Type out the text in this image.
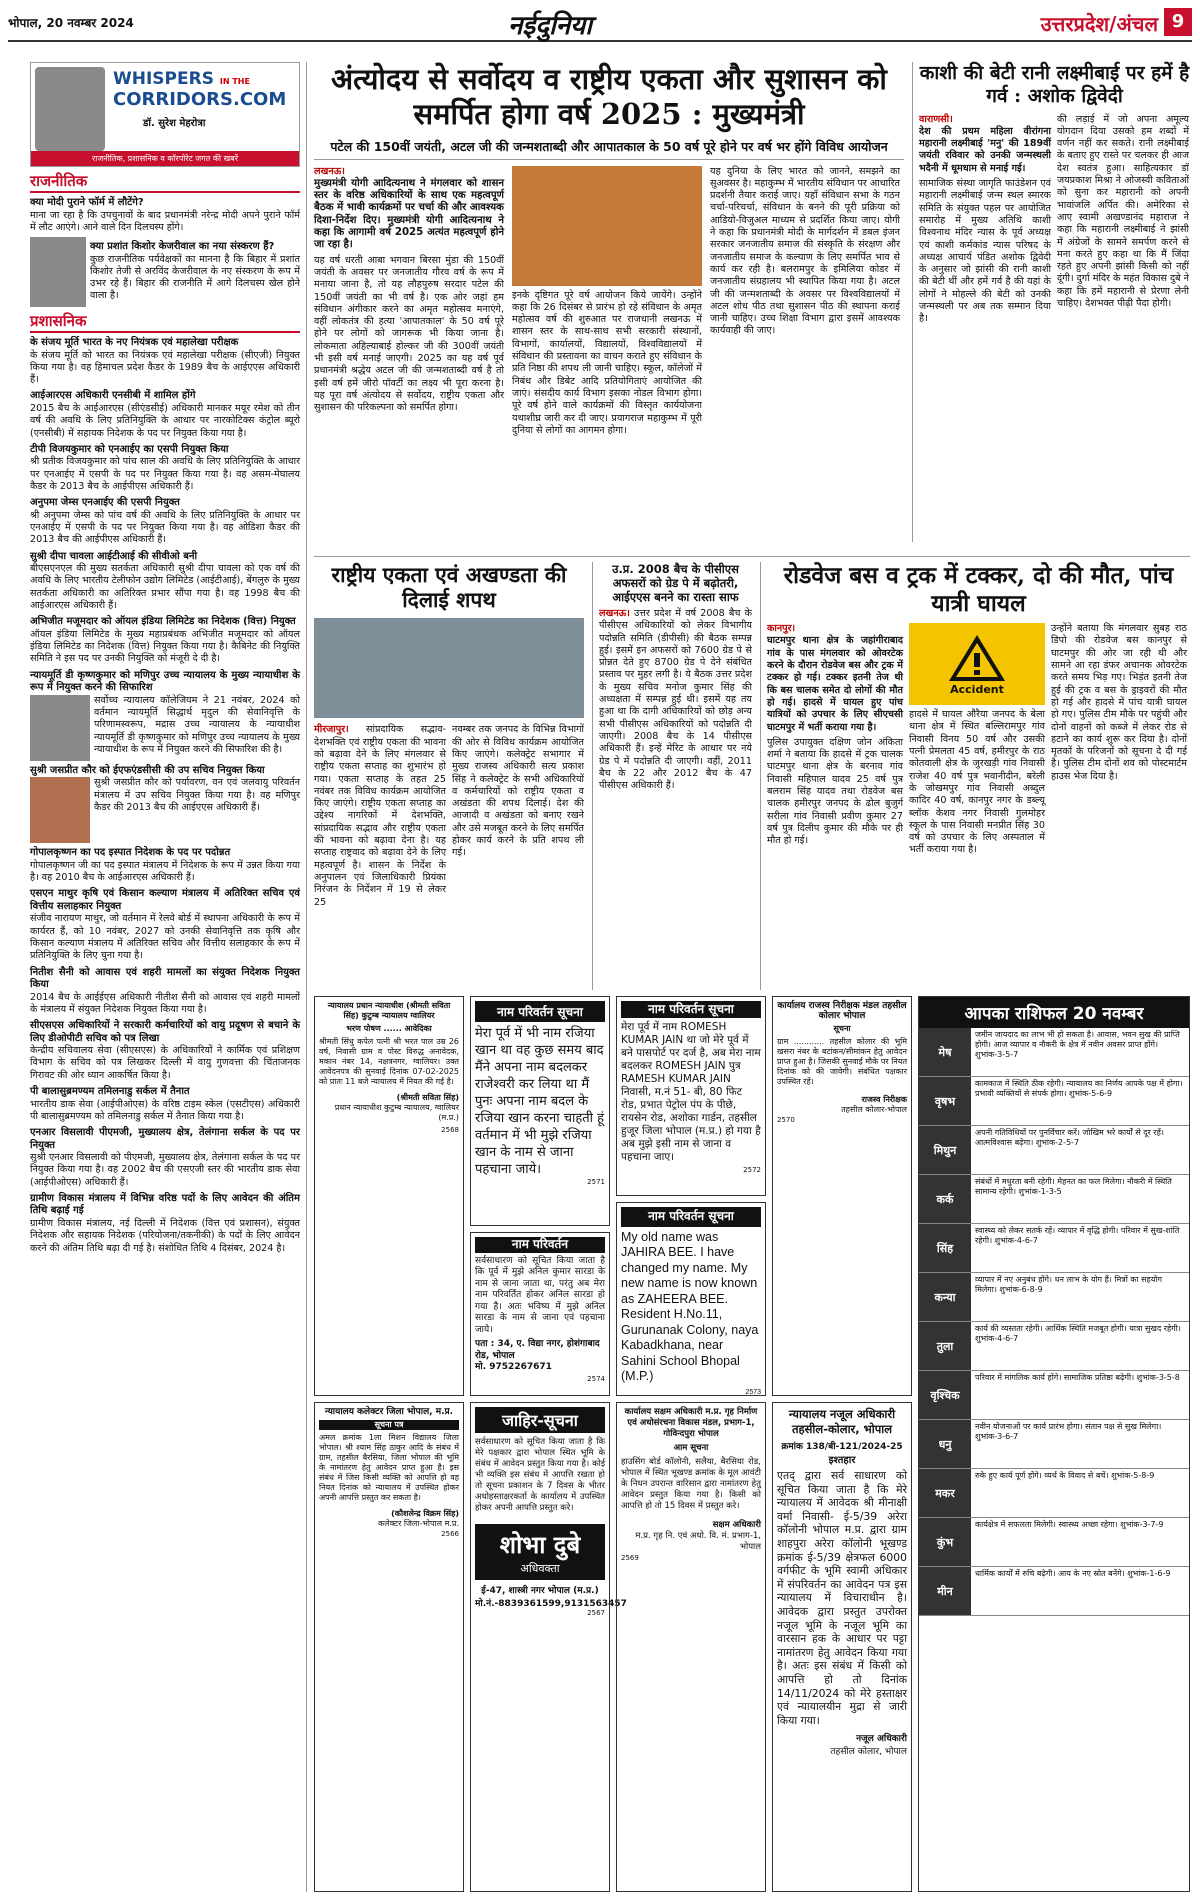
भोपाल, 20 नवम्बर 2024	नईदुनिया	उत्तरप्रदेश/अंचल 9
WHISPERS IN THE
CORRIDORS.COM
डॉ. सुरेश मेहरोत्रा
राजनीतिक, प्रशासनिक व कॉरपोरेट जगत की खबरें
राजनीतिक
क्या मोदी पुराने फॉर्म में लौटेंगे?

माना जा रहा है कि उपचुनावों के बाद प्रधानमंत्री नरेन्द्र मोदी अपने पुराने फॉर्म में लौट आएंगे। आने वाले दिन दिलचस्प होंगे।

क्या प्रशांत किशोर केजरीवाल का नया संस्करण हैं?

कुछ राजनीतिक पर्यवेक्षकों का मानना है कि बिहार में प्रशांत किशोर तेजी से अरविंद केजरीवाल के नए संस्करण के रूप में उभर रहे हैं। बिहार की राजनीति में आगे दिलचस्प खेल होने वाला है।

प्रशासनिक
के संजय मूर्ति भारत के नए नियंत्रक एवं महालेखा परीक्षक

के संजय मूर्ति को भारत का नियंत्रक एवं महालेखा परीक्षक (सीएजी) नियुक्त किया गया है। वह हिमाचल प्रदेश कैडर के 1989 बैच के आईएएस अधिकारी हैं।

आईआरएस अधिकारी एनसीबी में शामिल होंगे

2015 बैच के आईआरएस (सीएंडसीई) अधिकारी मानकर मयूर रमेश को तीन वर्ष की अवधि के लिए प्रतिनियुक्ति के आधार पर नारकोटिक्स कंट्रोल ब्यूरो (एनसीबी) में सहायक निदेशक के पद पर नियुक्त किया गया है।

टीपी विजयकुमार को एनआईए का एसपी नियुक्त किया

श्री प्रतीक विजयकुमार को पांच साल की अवधि के लिए प्रतिनियुक्ति के आधार पर एनआईए में एसपी के पद पर नियुक्त किया गया है। वह असम-मेघालय कैडर के 2013 बैच के आईपीएस अधिकारी हैं।

अनुपमा जेम्स एनआईए की एसपी नियुक्त

श्री अनुपमा जेम्स को पांच वर्ष की अवधि के लिए प्रतिनियुक्ति के आधार पर एनआईए में एसपी के पद पर नियुक्त किया गया है। वह ओडिशा कैडर की 2013 बैच की आईपीएस अधिकारी हैं।

सुश्री दीपा चावला आईटीआई की सीवीओ बनी

बीएसएनएल की मुख्य सतर्कता अधिकारी सुश्री दीपा चावला को एक वर्ष की अवधि के लिए भारतीय टेलीफोन उद्योग लिमिटेड (आईटीआई), बेंगलुरु के मुख्य सतर्कता अधिकारी का अतिरिक्त प्रभार सौंपा गया है। वह 1998 बैच की आईआरएस अधिकारी हैं।

अभिजीत मजूमदार को ऑयल इंडिया लिमिटेड का निदेशक (वित्त) नियुक्त

ऑयल इंडिया लिमिटेड के मुख्य महाप्रबंधक अभिजीत मजूमदार को ऑयल इंडिया लिमिटेड का निदेशक (वित्त) नियुक्त किया गया है। कैबिनेट की नियुक्ति समिति ने इस पद पर उनकी नियुक्ति को मंजूरी दे दी है।

न्यायमूर्ति डी कृष्णकुमार को मणिपुर उच्च न्यायालय के मुख्य न्यायाधीश के रूप में नियुक्त करने की सिफारिश

सर्वोच्च न्यायालय कॉलेजियम ने 21 नवंबर, 2024 को वर्तमान न्यायमूर्ति सिद्धार्थ मृदुल की सेवानिवृत्ति के परिणामस्वरूप, मद्रास उच्च न्यायालय के न्यायाधीश न्यायमूर्ति डी कृष्णकुमार को मणिपुर उच्च न्यायालय के मुख्य न्यायाधीश के रूप में नियुक्त करने की सिफारिश की है।

सुश्री जसप्रीत कौर को ईएफएंडसीसी की उप सचिव नियुक्त किया

सुश्री जसप्रीत कौर को पर्यावरण, वन एवं जलवायु परिवर्तन मंत्रालय में उप सचिव नियुक्त किया गया है। वह मणिपुर कैडर की 2013 बैच की आईएएस अधिकारी हैं।

गोपालकृष्णन का पद इस्पात निदेशक के पद पर पदोन्नत

गोपालकृष्णन जी का पद इस्पात मंत्रालय में निदेशक के रूप में उन्नत किया गया है। वह 2010 बैच के आईआरएस अधिकारी हैं।

एसएन माथुर कृषि एवं किसान कल्याण मंत्रालय में अतिरिक्त सचिव एवं वित्तीय सलाहकार नियुक्त

संजीव नारायण माथुर, जो वर्तमान में रेलवे बोर्ड में स्थापना अधिकारी के रूप में कार्यरत हैं, को 10 नवंबर, 2027 को उनकी सेवानिवृत्ति तक कृषि और किसान कल्याण मंत्रालय में अतिरिक्त सचिव और वित्तीय सलाहकार के रूप में प्रतिनियुक्ति के लिए चुना गया है।

नितीश सैनी को आवास एवं शहरी मामलों का संयुक्त निदेशक नियुक्त किया

2014 बैच के आईईएस अधिकारी नीतीश सैनी को आवास एवं शहरी मामलों के मंत्रालय में संयुक्त निदेशक नियुक्त किया गया है।

सीएसएस अधिकारियों ने सरकारी कर्मचारियों को वायु प्रदूषण से बचाने के लिए डीओपीटी सचिव को पत्र लिखा

केन्द्रीय सचिवालय सेवा (सीएसएस) के अधिकारियों ने कार्मिक एवं प्रशिक्षण विभाग के सचिव को पत्र लिखकर दिल्ली में वायु गुणवत्ता की चिंताजनक गिरावट की ओर ध्यान आकर्षित किया है।

पी बालासुब्रमण्यम तमिलनाडु सर्कल में तैनात

भारतीय डाक सेवा (आईपीओएस) के वरिष्ठ टाइम स्केल (एसटीएस) अधिकारी पी बालासुब्रमण्यम को तमिलनाडु सर्कल में तैनात किया गया है।

एनआर विसलावी पीएमजी, मुख्यालय क्षेत्र, तेलंगाना सर्कल के पद पर नियुक्त

सुश्री एनआर विसलावी को पीएमजी, मुख्यालय क्षेत्र, तेलंगाना सर्कल के पद पर नियुक्त किया गया है। वह 2002 बैच की एसएजी स्तर की भारतीय डाक सेवा (आईपीओएस) अधिकारी हैं।

ग्रामीण विकास मंत्रालय में विभिन्न वरिष्ठ पदों के लिए आवेदन की अंतिम तिथि बढ़ाई गई

ग्रामीण विकास मंत्रालय, नई दिल्ली में निदेशक (वित्त एवं प्रशासन), संयुक्त निदेशक और सहायक निदेशक (परियोजना/तकनीकी) के पदों के लिए आवेदन करने की अंतिम तिथि बढ़ा दी गई है। संशोधित तिथि 4 दिसंबर, 2024 है।

अंत्योदय से सर्वोदय व राष्ट्रीय एकता और सुशासन को समर्पित होगा वर्ष 2025 : मुख्यमंत्री
पटेल की 150वीं जयंती, अटल जी की जन्मशताब्दी और आपातकाल के 50 वर्ष पूरे होने पर वर्ष भर होंगे विविध आयोजन
लखनऊ।

मुख्यमंत्री योगी आदित्यनाथ ने मंगलवार को शासन स्तर के वरिष्ठ अधिकारियों के साथ एक महत्वपूर्ण बैठक में भावी कार्यक्रमों पर चर्चा की और आवश्यक दिशा-निर्देश दिए। मुख्यमंत्री योगी आदित्यनाथ ने कहा कि आगामी वर्ष 2025 अत्यंत महत्वपूर्ण होने जा रहा है।

यह वर्ष धरती आबा भगवान बिरसा मुंडा की 150वीं जयंती के अवसर पर जनजातीय गौरव वर्ष के रूप में मनाया जाना है, तो यह लौहपुरुष सरदार पटेल की 150वीं जयंती का भी वर्ष है। एक ओर जहां हम संविधान अंगीकार करने का अमृत महोत्सव मनाएंगे, वहीं लोकतंत्र की हत्या 'आपातकाल' के 50 वर्ष पूरे होने पर लोगों को जागरूक भी किया जाना है। लोकमाता अहिल्याबाई होल्कर जी की 300वीं जयंती भी इसी वर्ष मनाई जाएगी। 2025 का यह वर्ष पूर्व प्रधानमंत्री श्रद्धेय अटल जी की जन्मशताब्दी वर्ष है तो इसी वर्ष हमें जीरो पॉवर्टी का लक्ष्य भी पूरा करना है। यह पूरा वर्ष अंत्योदय से सर्वोदय, राष्ट्रीय एकता और सुशासन की परिकल्पना को समर्पित होगा।

इनके दृष्टिगत पूरे वर्ष आयोजन किये जायेंगे। उन्होंने कहा कि 26 दिसंबर से प्रारंभ हो रहे संविधान के अमृत महोत्सव वर्ष की शुरुआत पर राजधानी लखनऊ में शासन स्तर के साथ-साथ सभी सरकारी संस्थानों, विभागों, कार्यालयों, विद्यालयों, विश्वविद्यालयों में संविधान की प्रस्तावना का वाचन कराते हुए संविधान के प्रति निष्ठा की शपथ ली जानी चाहिए। स्कूल, कॉलेजों में निबंध और डिबेट आदि प्रतियोगिताएं आयोजित की जाएं। संसदीय कार्य विभाग इसका नोडल विभाग होगा। पूरे वर्ष होने वाले कार्यक्रमों की विस्तृत कार्ययोजना यथाशीघ्र जारी कर दी जाए। प्रयागराज महाकुम्भ में पूरी दुनिया से लोगों का आगमन होगा।

यह दुनिया के लिए भारत को जानने, समझने का सुअवसर है। महाकुम्भ में भारतीय संविधान पर आधारित प्रदर्शनी तैयार कराई जाए। यहाँ संविधान सभा के गठन चर्चा-परिचर्चा, संविधान के बनने की पूरी प्रक्रिया को आडियो-विजुअल माध्यम से प्रदर्शित किया जाए। योगी ने कहा कि प्रधानमंत्री मोदी के मार्गदर्शन में डबल इंजन सरकार जनजातीय समाज की संस्कृति के संरक्षण और जनजातीय समाज के कल्याण के लिए समर्पित भाव से कार्य कर रही है। बलरामपुर के इमिलिया कोडर में जनजातीय संग्रहालय भी स्थापित किया गया है। अटल जी की जन्मशताब्दी के अवसर पर विश्वविद्यालयों में अटल शोध पीठ तथा सुशासन पीठ की स्थापना कराई जानी चाहिए। उच्च शिक्षा विभाग द्वारा इसमें आवश्यक कार्यवाही की जाए।
काशी की बेटी रानी लक्ष्मीबाई पर हमें है गर्व : अशोक द्विवेदी
वाराणसी।

देश की प्रथम महिला वीरांगना महारानी लक्ष्मीबाई 'मनु' की 189वीं जयंती रविवार को उनकी जन्मस्थली भदैनी में धूमधाम से मनाई गई।

सामाजिक संस्था जागृति फाउंडेशन एवं महारानी लक्ष्मीबाई जन्म स्थल स्मारक समिति के संयुक्त पहल पर आयोजित समारोह में मुख्य अतिथि काशी विश्वनाथ मंदिर न्यास के पूर्व अध्यक्ष एवं काशी कर्मकांड न्यास परिषद के अध्यक्ष आचार्य पंडित अशोक द्विवेदी के अनुसार जो झांसी की रानी काशी की बेटी थीं और हमें गर्व है की यहां के लोगों ने मोहल्ले की बेटी को उनकी जन्मस्थली पर अब तक सम्मान दिया है।

की लड़ाई में जो अपना अमूल्य योगदान दिया उसको हम शब्दों में वर्णन नहीं कर सकते। रानी लक्ष्मीबाई के बताए हुए रास्ते पर चलकर ही आज देश स्वतंत्र हुआ। साहित्यकार डॉ जयप्रकाश मिश्रा ने ओजस्वी कविताओं को सुना कर महारानी को अपनी भावांजलि अर्पित की। अमेरिका से आए स्वामी अखण्डानंद महाराज ने कहा कि महारानी लक्ष्मीबाई ने झांसी में अंग्रेजों के सामने समर्पण करने से मना करते हुए कहा था कि मैं जिंदा रहते हुए अपनी झांसी किसी को नहीं दूंगी। दुर्गा मंदिर के महंत विकास दुबे ने कहा कि हमें महारानी से प्रेरणा लेनी चाहिए। देशभक्त पीढ़ी पैदा होगी।
राष्ट्रीय एकता एवं अखण्डता की दिलाई शपथ
मीरजापुर। सांप्रदायिक सद्भाव-देशभक्ति एवं राष्ट्रीय एकता की भावना को बढ़ावा देने के लिए मंगलवार से राष्ट्रीय एकता सप्ताह का शुभारंभ हो गया। एकता सप्ताह के तहत 25 नवंबर तक विविध कार्यक्रम आयोजित किए जाएंगे। राष्ट्रीय एकता सप्ताह का उद्देश्य नागरिकों में देशभक्ति, सांप्रदायिक सद्भाव और राष्ट्रीय एकता की भावना को बढ़ावा देना है। यह सप्ताह राष्ट्रवाद को बढ़ावा देने के लिए महत्वपूर्ण है। शासन के निर्देश के अनुपालन एवं जिलाधिकारी प्रियंका निरंजन के निर्देशन में 19 से लेकर 25
नवम्बर तक जनपद के विभिन्न विभागों की ओर से विविध कार्यक्रम आयोजित किए जाएंगे। कलेक्ट्रेट सभागार में मुख्य राजस्व अधिकारी सत्य प्रकाश सिंह ने कलेक्ट्रेट के सभी अधिकारियों व कर्मचारियों को राष्ट्रीय एकता व अखंडता की शपथ दिलाई। देश की आजादी व अखंडता को बनाए रखने और उसे मजबूत करने के लिए समर्पित होकर कार्य करने के प्रति शपथ ली गई।
उ.प्र. 2008 बैच के पीसीएस अफसरों को ग्रेड पे में बढ़ोतरी, आईएएस बनने का रास्ता साफ
लखनऊ। उत्तर प्रदेश में वर्ष 2008 बैच के पीसीएस अधिकारियों को लेकर विभागीय पदोन्नति समिति (डीपीसी) की बैठक सम्पन्न हुई। इसमें इन अफसरों को 7600 ग्रेड पे से प्रोन्नत देते हुए 8700 ग्रेड पे देने संबंधित प्रस्ताव पर मुहर लगी है। ये बैठक उत्तर प्रदेश के मुख्य सचिव मनोज कुमार सिंह की अध्यक्षता में सम्पन्न हुई थी। इसमें यह तय हुआ था कि दागी अधिकारियों को छोड़ अन्य सभी पीसीएस अधिकारियों को पदोन्नति दी जाएगी। 2008 बैच के 14 पीसीएस अधिकारी हैं। इन्हें मेरिट के आधार पर नये ग्रेड पे में पदोन्नति दी जाएगी। वहीं, 2011 बैच के 22 और 2012 बैच के 47 पीसीएस अधिकारी हैं।
रोडवेज बस व ट्रक में टक्कर, दो की मौत, पांच यात्री घायल
कानपुर।

घाटमपुर थाना क्षेत्र के जहांगीराबाद गांव के पास मंगलवार को ओवरटेक करने के दौरान रोडवेज बस और ट्रक में टक्कर हो गई। टक्कर इतनी तेज थी कि बस चालक समेत दो लोगों की मौत हो गई। हादसे में घायल हुए पांच यात्रियों को उपचार के लिए सीएचसी घाटमपुर में भर्ती कराया गया है।

पुलिस उपायुक्त दक्षिण जोन अंकिता शर्मा ने बताया कि हादसे में ट्रक चालक घाटमपुर थाना क्षेत्र के बरनाव गांव निवासी महिपाल यादव 25 वर्ष पुत्र बलराम सिंह यादव तथा रोडवेज बस चालक हमीरपुर जनपद के ढोल बुजुर्ग सरीला गांव निवासी प्रवीण कुमार 27 वर्ष पुत्र दिलीप कुमार की मौके पर ही मौत हो गई।

Accident

हादसे में घायल औरैया जनपद के बेला थाना क्षेत्र में स्थित बल्लिरामपुर गांव निवासी विनय 50 वर्ष और उसकी पत्नी प्रेमलता 45 वर्ष, हमीरपुर के राठ कोतवाली क्षेत्र के जुरखड़ी गांव निवासी राजेश 40 वर्ष पुत्र भवानीदीन, बरेली के जोखमपुर गांव निवासी अब्दुल कादिर 40 वर्ष, कानपुर नगर के डब्ल्यू ब्लॉक केशव नगर निवासी गुलमोहर स्कूल के पास निवासी मनप्रीत सिंह 30 वर्ष को उपचार के लिए अस्पताल में भर्ती कराया गया है।

उन्होंने बताया कि मंगलवार सुबह राठ डिपो की रोडवेज बस कानपुर से घाटमपुर की ओर जा रही थी और सामने आ रहा डंफर अचानक ओवरटेक करते समय भिड़ गए। भिड़ंत इतनी तेज हुई की ट्रक व बस के ड्राइवरों की मौत हो गई और हादसे में पांच यात्री घायल हो गए। पुलिस टीम मौके पर पहुंची और दोनों वाहनों को कब्जे में लेकर रोड से हटाने का कार्य शुरू कर दिया है। दोनों मृतकों के परिजनों को सूचना दे दी गई है। पुलिस टीम दोनों शव को पोस्टमार्टम हाउस भेज दिया है।
न्यायालय प्रधान न्यायाधीश (श्रीमती सविता सिंह) कुटुम्ब न्यायालय ग्वालियर
भरण पोषण ...... आवेदिका

श्रीमती सिंधु कपेल पत्नी श्री भरत पाल उम्र 26 वर्ष, निवासी ग्राम व पोस्ट विरुद्ध अनावेदक, मकान नंबर 14, नक्षत्रनगर, ग्वालियर। उक्त आवेदनपत्र की सुनवाई दिनांक 07-02-2025 को प्रातः 11 बजे न्यायालय में नियत की गई है।

(श्रीमती सविता सिंह)
प्रधान न्यायाधीश कुटुम्ब न्यायालय, ग्वालियर (म.प्र.)
2568
नाम परिवर्तन सूचना
मेरा पूर्व में भी नाम रजिया खान था वह कुछ समय बाद मैंने अपना नाम बदलकर राजेश्वरी कर लिया था मैं पुनः अपना नाम बदल के रजिया खान करना चाहती हूं वर्तमान में भी मुझे रजिया खान के नाम से जाना पहचाना जाये।
2571
नाम परिवर्तन

सर्वसाधारण को सूचित किया जाता है कि पूर्व में मुझे अनिल कुमार सारडा के नाम से जाना जाता था, परंतु अब मेरा नाम परिवर्तित होकर अनिल सारडा हो गया है। अतः भविष्य में मुझे अनिल सारडा के नाम से जाना एवं पहचाना जाये।

पता : 34, ए. विद्या नगर, होशंगाबाद रोड, भोपाल
मो. 9752267671
2574
नाम परिवर्तन सूचना

मेरा पूर्व में नाम ROMESH KUMAR JAIN था जो मेरे पूर्व में बने पासपोर्ट पर दर्ज है, अब मेरा नाम बदलकर ROMESH JAIN पुत्र RAMESH KUMAR JAIN निवासी, म.नं 51- बी, 80 फिट रोड, प्रभात पेट्रोल पंप के पीछे, रायसेन रोड, अशोका गार्डन, तहसील हुजूर जिला भोपाल (म.प्र.) हो गया है अब मुझे इसी नाम से जाना व पहचाना जाए।

2572
नाम परिवर्तन सूचना

My old name was JAHIRA BEE. I have changed my name. My new name is now known as ZAHEERA BEE. Resident H.No.11, Gurunanak Colony, naya Kabadkhana, near Sahini School Bhopal (M.P.)

2573
कार्यालय राजस्व निरीक्षक मंडल तहसील कोलार भोपाल
सूचना

ग्राम ............ तहसील कोलार की भूमि खसरा नंबर के बटांकन/सीमांकन हेतु आवेदन प्राप्त हुआ है। जिसकी सुनवाई मौके पर नियत दिनांक को की जावेगी। संबंधित पक्षकार उपस्थित रहें।

राजस्व निरीक्षक
तहसील कोलार-भोपाल
2570
आपका राशिफल 20 नवम्बर
मेष
जमीन जायदाद का लाभ भी हो सकता है। आवास, भवन सुख की प्राप्ति होगी। आज व्यापार व नौकरी के क्षेत्र में नवीन अवसर प्राप्त होंगे। शुभांक-3-5-7
वृषभ
कामकाज में स्थिति ठीक रहेगी। न्यायालय का निर्णय आपके पक्ष में होगा। प्रभावी व्यक्तियों से संपर्क होगा। शुभांक-5-6-9
मिथुन
अपनी गतिविधियों पर पुनर्विचार करें। जोखिम भरे कार्यों से दूर रहें। आत्मविश्वास बढ़ेगा। शुभांक-2-5-7
कर्क
संबंधों में मधुरता बनी रहेगी। मेहनत का फल मिलेगा। नौकरी में स्थिति सामान्य रहेगी। शुभांक-1-3-5
सिंह
स्वास्थ्य को लेकर सतर्क रहें। व्यापार में वृद्धि होगी। परिवार में सुख-शांति रहेगी। शुभांक-4-6-7
कन्या
व्यापार में नए अनुबंध होंगे। धन लाभ के योग हैं। मित्रों का सहयोग मिलेगा। शुभांक-6-8-9
तुला
कार्य की व्यस्तता रहेगी। आर्थिक स्थिति मजबूत होगी। यात्रा सुखद रहेगी। शुभांक-4-6-7
वृश्चिक
परिवार में मांगलिक कार्य होंगे। सामाजिक प्रतिष्ठा बढ़ेगी। शुभांक-3-5-8
धनु
नवीन योजनाओं पर कार्य प्रारंभ होगा। संतान पक्ष से सुख मिलेगा। शुभांक-3-6-7
मकर
रुके हुए कार्य पूर्ण होंगे। व्यर्थ के विवाद से बचें। शुभांक-5-8-9
कुंभ
कार्यक्षेत्र में सफलता मिलेगी। स्वास्थ्य अच्छा रहेगा। शुभांक-3-7-9
मीन
धार्मिक कार्यों में रुचि बढ़ेगी। आय के नए स्रोत बनेंगे। शुभांक-1-6-9
न्यायालय कलेक्टर जिला भोपाल, म.प्र.
सूचना पत्र

अमल क्रमांक 1ला मिशन विद्यालय जिला भोपाल। श्री श्याम सिंह ठाकुर आदि के संबंध में ग्राम, तहसील बैरसिया, जिला भोपाल की भूमि के नामांतरण हेतु आवेदन प्राप्त हुआ है। इस संबंध में जिस किसी व्यक्ति को आपत्ति हो वह नियत दिनांक को न्यायालय में उपस्थित होकर अपनी आपत्ति प्रस्तुत कर सकता है।

(कौशलेन्द्र विक्रम सिंह)
कलेक्टर जिला-भोपाल म.प्र.
2566
जाहिर-सूचना

सर्वसाधारण को सूचित किया जाता है कि मेरे पक्षकार द्वारा भोपाल स्थित भूमि के संबंध में आवेदन प्रस्तुत किया गया है। कोई भी व्यक्ति इस संबंध में आपत्ति रखता हो तो सूचना प्रकाशन के 7 दिवस के भीतर अधोहस्ताक्षरकर्ता के कार्यालय में उपस्थित होकर अपनी आपत्ति प्रस्तुत करे।

शोभा दुबे
अधिवक्ता
ई-47, शास्त्री नगर भोपाल (म.प्र.)
मो.नं.-8839361599,9131563457
2567
कार्यालय सक्षम अधिकारी म.प्र. गृह निर्माण एवं अधोसंरचना विकास मंडल, प्रभाग-1, गोविन्दपुरा भोपाल
आम सूचना

हाउसिंग बोर्ड कॉलोनी, सलैया, बैरसिया रोड, भोपाल में स्थित भूखण्ड क्रमांक के मूल आवंटी के निधन उपरान्त वारिसान द्वारा नामांतरण हेतु आवेदन प्रस्तुत किया गया है। किसी को आपत्ति हो तो 15 दिवस में प्रस्तुत करे।

सक्षम अधिकारी
म.प्र. गृह नि. एवं अधो. वि. मं. प्रभाग-1, भोपाल
2569
न्यायालय नजूल अधिकारी तहसील-कोलार, भोपाल
क्रमांक 138/बी-121/2024-25
इश्तहार

एतद् द्वारा सर्व साधारण को सूचित किया जाता है कि मेरे न्यायालय में आवेदक श्री मीनाक्षी वर्मा निवासी- ई-5/39 अरेरा कॉलोनी भोपाल म.प्र. द्वारा ग्राम शाहपुरा अरेरा कॉलोनी भूखण्ड क्रमांक ई-5/39 क्षेत्रफल 6000 वर्गफीट के भूमि स्वामी अधिकार में संपरिवर्तन का आवेदन पत्र इस न्यायालय में विचाराधीन है। आवेदक द्वारा प्रस्तुत उपरोक्त नजूल भूमि के नजूल भूमि का वारसान हक के आधार पर पट्टा नामांतरण हेतु आवेदन किया गया है। अतः इस संबंध में किसी को आपत्ति हो तो दिनांक 14/11/2024 को मेरे हस्ताक्षर एवं न्यायालयीन मुद्रा से जारी किया गया।

नजूल अधिकारी
तहसील कोलार, भोपाल
